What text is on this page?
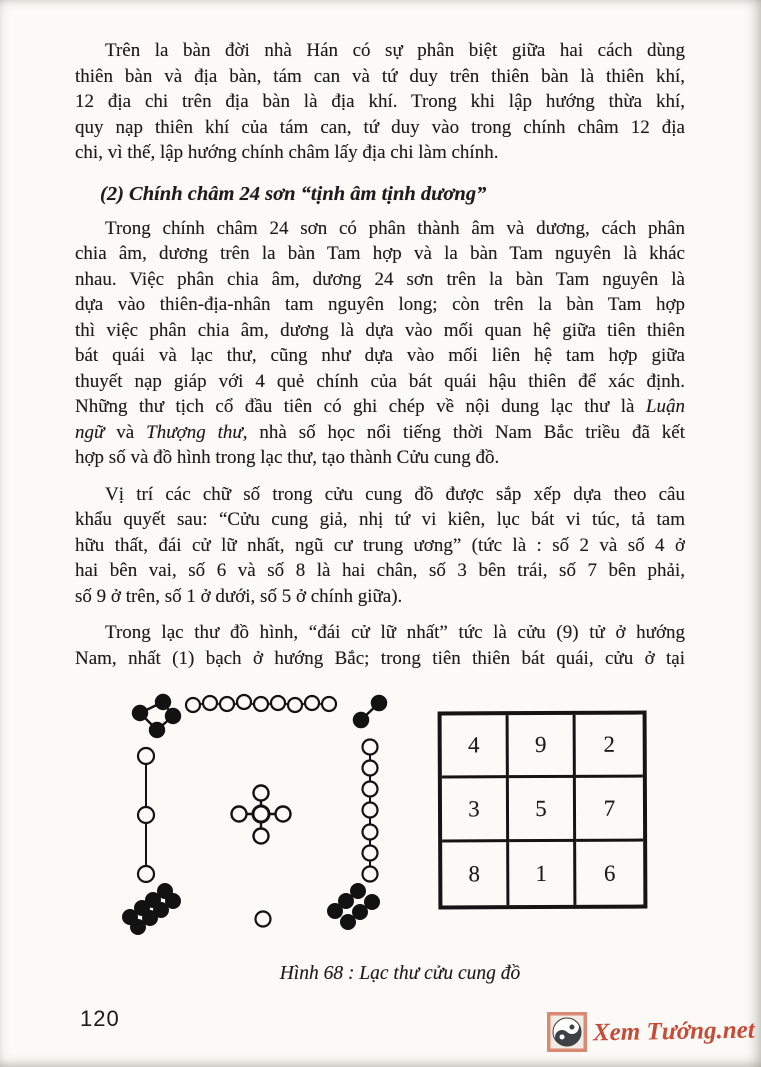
Trên la bàn đời nhà Hán có sự phân biệt giữa hai cách dùng
thiên bàn và địa bàn, tám can và tứ duy trên thiên bàn là thiên khí,
12 địa chi trên địa bàn là địa khí. Trong khi lập hướng thừa khí,
quy nạp thiên khí của tám can, tứ duy vào trong chính châm 12 địa
chi, vì thế, lập hướng chính châm lấy địa chi làm chính.
(2) Chính châm 24 sơn “tịnh âm tịnh dương”
Trong chính châm 24 sơn có phân thành âm và dương, cách phân
chia âm, dương trên la bàn Tam hợp và la bàn Tam nguyên là khác
nhau. Việc phân chia âm, dương 24 sơn trên la bàn Tam nguyên là
dựa vào thiên-địa-nhân tam nguyên long; còn trên la bàn Tam hợp
thì việc phân chia âm, dương là dựa vào mối quan hệ giữa tiên thiên
bát quái và lạc thư, cũng như dựa vào mối liên hệ tam hợp giữa
thuyết nạp giáp với 4 quẻ chính của bát quái hậu thiên để xác định.
Những thư tịch cổ đầu tiên có ghi chép về nội dung lạc thư là Luận
ngữ và Thượng thư, nhà số học nổi tiếng thời Nam Bắc triều đã kết
hợp số và đồ hình trong lạc thư, tạo thành Cửu cung đồ.
Vị trí các chữ số trong cửu cung đồ được sắp xếp dựa theo câu
khẩu quyết sau: “Cửu cung giả, nhị tứ vi kiên, lục bát vi túc, tả tam
hữu thất, đái cử lữ nhất, ngũ cư trung ương” (tức là : số 2 và số 4 ở
hai bên vai, số 6 và số 8 là hai chân, số 3 bên trái, số 7 bên phải,
số 9 ở trên, số 1 ở dưới, số 5 ở chính giữa).
Trong lạc thư đồ hình, “đái cử lữ nhất” tức là cửu (9) tử ở hướng
Nam, nhất (1) bạch ở hướng Bắc; trong tiên thiên bát quái, cửu ở tại
4	9	2
3	5	7
8	1	6
Hình 68 : Lạc thư cửu cung đồ
120	Xem Tướng.net
